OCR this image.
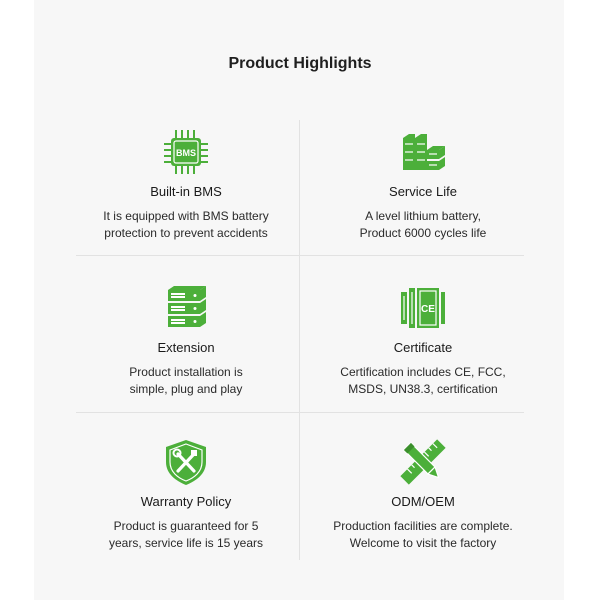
Product Highlights
BMS
Built-in BMS
It is equipped with BMS battery
protection to prevent accidents
Service Life
A level lithium battery,
Product 6000 cycles life
Extension
Product installation is
simple, plug and play
CE
Certificate
Certification includes CE, FCC,
MSDS, UN38.3, certification
Warranty Policy
Product is guaranteed for 5
years, service life is 15 years
ODM/OEM
Production facilities are complete.
Welcome to visit the factory
